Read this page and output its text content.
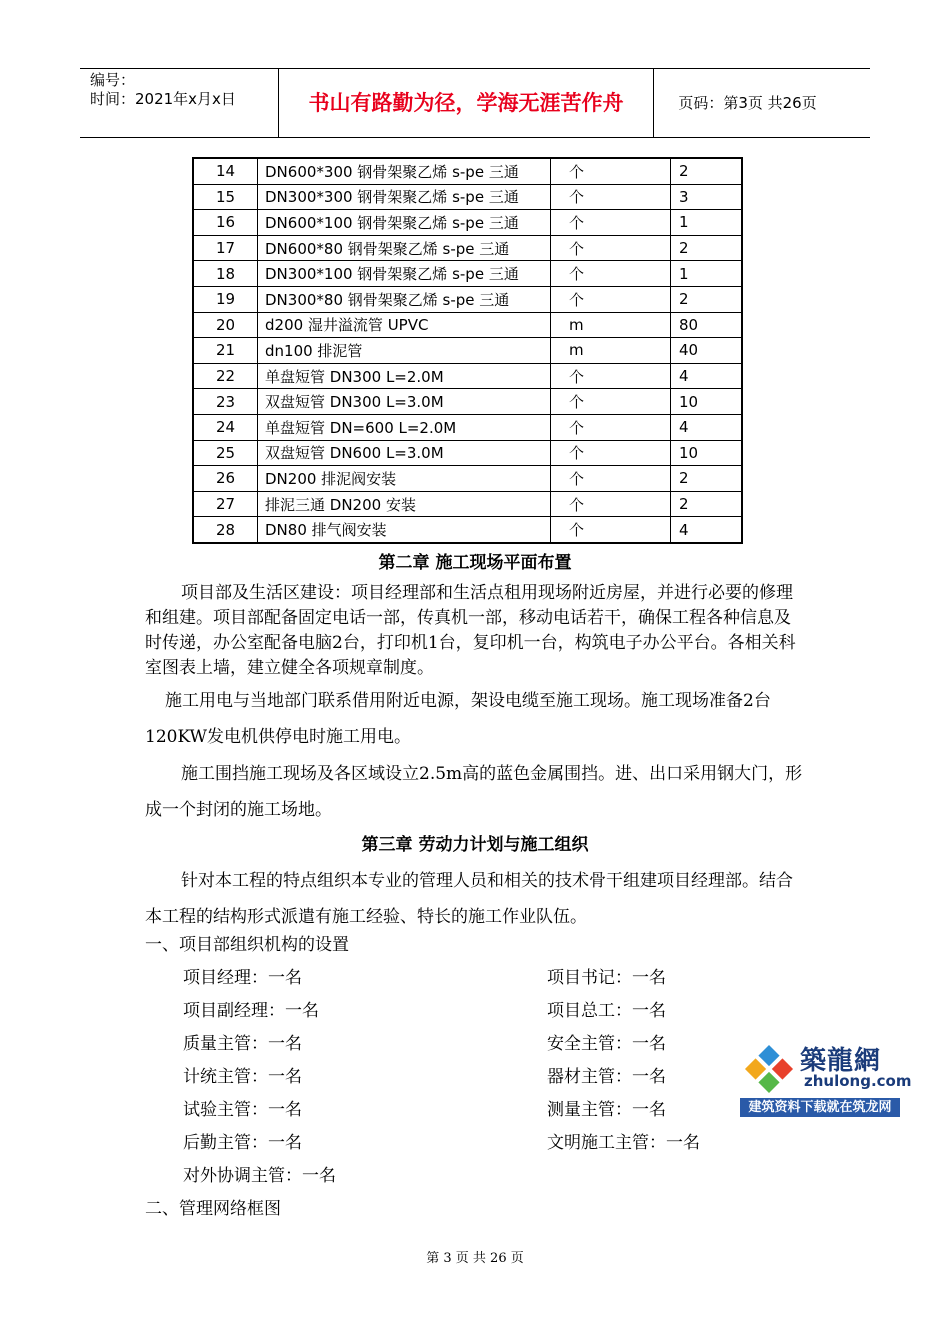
编号：
时间：2021年x月x日	书山有路勤为径，学海无涯苦作舟	页码：第3页 共26页
14	DN600*300 钢骨架聚乙烯 s-pe 三通	个	2
15	DN300*300 钢骨架聚乙烯 s-pe 三通	个	3
16	DN600*100 钢骨架聚乙烯 s-pe 三通	个	1
17	DN600*80 钢骨架聚乙烯 s-pe 三通	个	2
18	DN300*100 钢骨架聚乙烯 s-pe 三通	个	1
19	DN300*80 钢骨架聚乙烯 s-pe 三通	个	2
20	d200 湿井溢流管 UPVC	m	80
21	dn100 排泥管	m	40
22	单盘短管 DN300 L=2.0M	个	4
23	双盘短管 DN300 L=3.0M	个	10
24	单盘短管 DN=600 L=2.0M	个	4
25	双盘短管 DN600 L=3.0M	个	10
26	DN200 排泥阀安装	个	2
27	排泥三通 DN200 安装	个	2
28	DN80 排气阀安装	个	4
第二章 施工现场平面布置

项目部及生活区建设：项目经理部和生活点租用现场附近房屋，并进行必要的修理和组建。项目部配备固定电话一部，传真机一部，移动电话若干，确保工程各种信息及时传递，办公室配备电脑2台，打印机1台，复印机一台，构筑电子办公平台。各相关科室图表上墙，建立健全各项规章制度。

施工用电与当地部门联系借用附近电源，架设电缆至施工现场。施工现场准备2台120KW发电机供停电时施工用电。

施工围挡施工现场及各区域设立2.5m高的蓝色金属围挡。进、出口采用钢大门，形成一个封闭的施工场地。

第三章 劳动力计划与施工组织

针对本工程的特点组织本专业的管理人员和相关的技术骨干组建项目经理部。结合本工程的结构形式派遣有施工经验、特长的施工作业队伍。

一、项目部组织机构的设置
项目经理：一名	项目书记：一名
项目副经理：一名	项目总工：一名
质量主管：一名	安全主管：一名
计统主管：一名	器材主管：一名
试验主管：一名	测量主管：一名
后勤主管：一名	文明施工主管：一名
对外协调主管：一名
二、管理网络框图
築龍網
zhulong.com
建筑资料下载就在筑龙网
第 3 页 共 26 页
